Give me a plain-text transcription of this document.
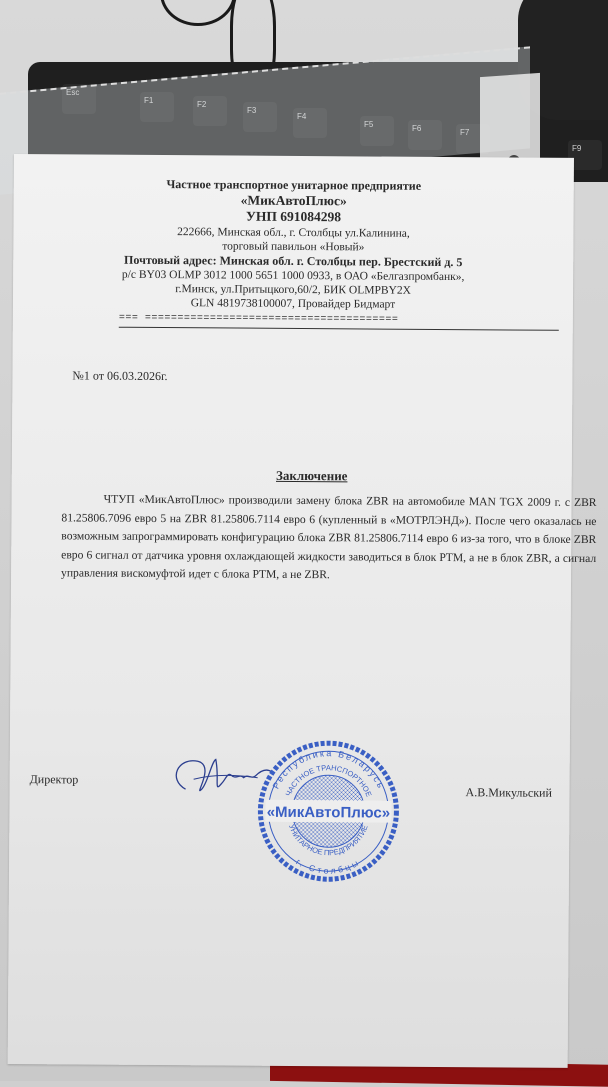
Esc
F1	F2
F3
F4
F5	F6	F7
F9
Частное транспортное унитарное предприятие
«МикАвтоПлюс»
УНП 691084298
222666, Минская обл., г. Столбцы ул.Калинина,
торговый павильон «Новый»
Почтовый адрес: Минская обл. г. Столбцы пер. Брестский д. 5
р/с BY03 OLMP 3012 1000 5651 1000 0933, в ОАО «Белгазпромбанк»,
г.Минск, ул.Притыцкого,60/2, БИК OLMPBY2X
GLN 4819738100007, Провайдер Бидмарт
=== =======================================
№1 от 06.03.2026г.
Заключение
ЧТУП «МикАвтоПлюс» производили замену блока ZBR на автомобиле MAN TGX 2009 г. с ZBR 81.25806.7096 евро 5 на ZBR 81.25806.7114 евро 6 (купленный в «МОТРЛЭНД»). После чего оказалась не возможным запрограммировать конфигурацию блока ZBR 81.25806.7114 евро 6 из-за того, что в блоке ZBR евро 6 сигнал от датчика уровня охлаждающей жидкости заводиться в блок PTM, а не в блок ZBR, а сигнал управления вискомуфтой идет с блока PTM, а не ZBR.
Директор	Республика Беларусь
ЧАСТНОЕ ТРАНСПОРТНОЕ
«МикАвтоПлюс»
УНИТАРНОЕ ПРЕДПРИЯТИЕ
г. Столбцы
А.В.Микульский
